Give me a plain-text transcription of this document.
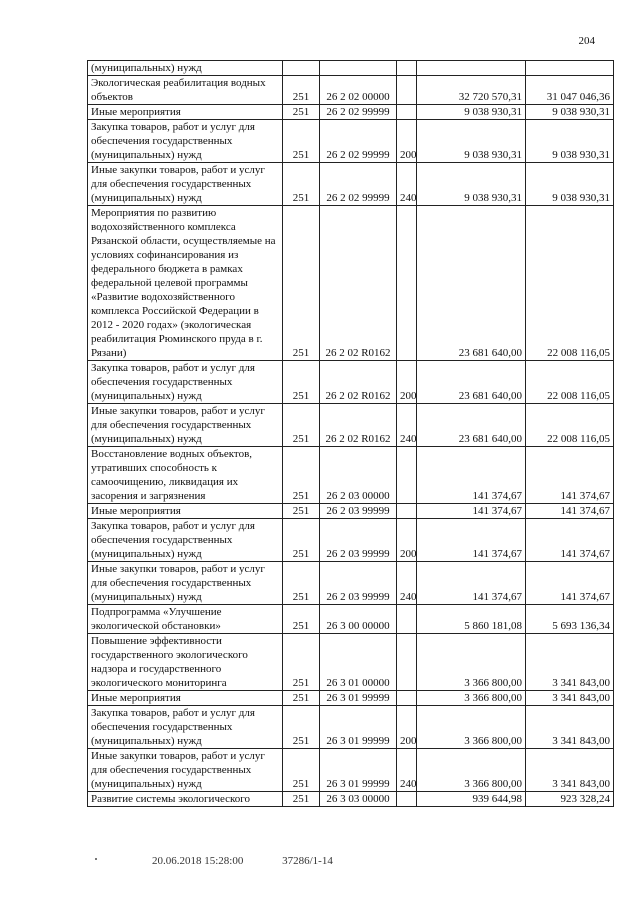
204
(муниципальных) нужд					
Экологическая реабилитация водных объектов	251	26 2 02 00000		32 720 570,31	31 047 046,36
Иные мероприятия	251	26 2 02 99999		9 038 930,31	9 038 930,31
Закупка товаров, работ и услуг для обеспечения государственных (муниципальных) нужд	251	26 2 02 99999	200	9 038 930,31	9 038 930,31
Иные закупки товаров, работ и услуг для обеспечения государственных (муниципальных) нужд	251	26 2 02 99999	240	9 038 930,31	9 038 930,31
Мероприятия по развитию водохозяйственного комплекса Рязанской области, осуществляемые на условиях софинансирования из федерального бюджета в рамках федеральной целевой программы «Развитие водохозяйственного комплекса Российской Федерации в 2012 - 2020 годах» (экологическая реабилитация Рюминского пруда в г. Рязани)	251	26 2 02 R0162		23 681 640,00	22 008 116,05
Закупка товаров, работ и услуг для обеспечения государственных (муниципальных) нужд	251	26 2 02 R0162	200	23 681 640,00	22 008 116,05
Иные закупки товаров, работ и услуг для обеспечения государственных (муниципальных) нужд	251	26 2 02 R0162	240	23 681 640,00	22 008 116,05
Восстановление водных объектов, утративших способность к самоочищению, ликвидация их засорения и загрязнения	251	26 2 03 00000		141 374,67	141 374,67
Иные мероприятия	251	26 2 03 99999		141 374,67	141 374,67
Закупка товаров, работ и услуг для обеспечения государственных (муниципальных) нужд	251	26 2 03 99999	200	141 374,67	141 374,67
Иные закупки товаров, работ и услуг для обеспечения государственных (муниципальных) нужд	251	26 2 03 99999	240	141 374,67	141 374,67
Подпрограмма «Улучшение экологической обстановки»	251	26 3 00 00000		5 860 181,08	5 693 136,34
Повышение эффективности государственного экологического надзора и государственного экологического мониторинга	251	26 3 01 00000		3 366 800,00	3 341 843,00
Иные мероприятия	251	26 3 01 99999		3 366 800,00	3 341 843,00
Закупка товаров, работ и услуг для обеспечения государственных (муниципальных) нужд	251	26 3 01 99999	200	3 366 800,00	3 341 843,00
Иные закупки товаров, работ и услуг для обеспечения государственных (муниципальных) нужд	251	26 3 01 99999	240	3 366 800,00	3 341 843,00
Развитие системы экологического	251	26 3 03 00000		939 644,98	923 328,24
20.06.2018 15:28:00	37286/1-14
